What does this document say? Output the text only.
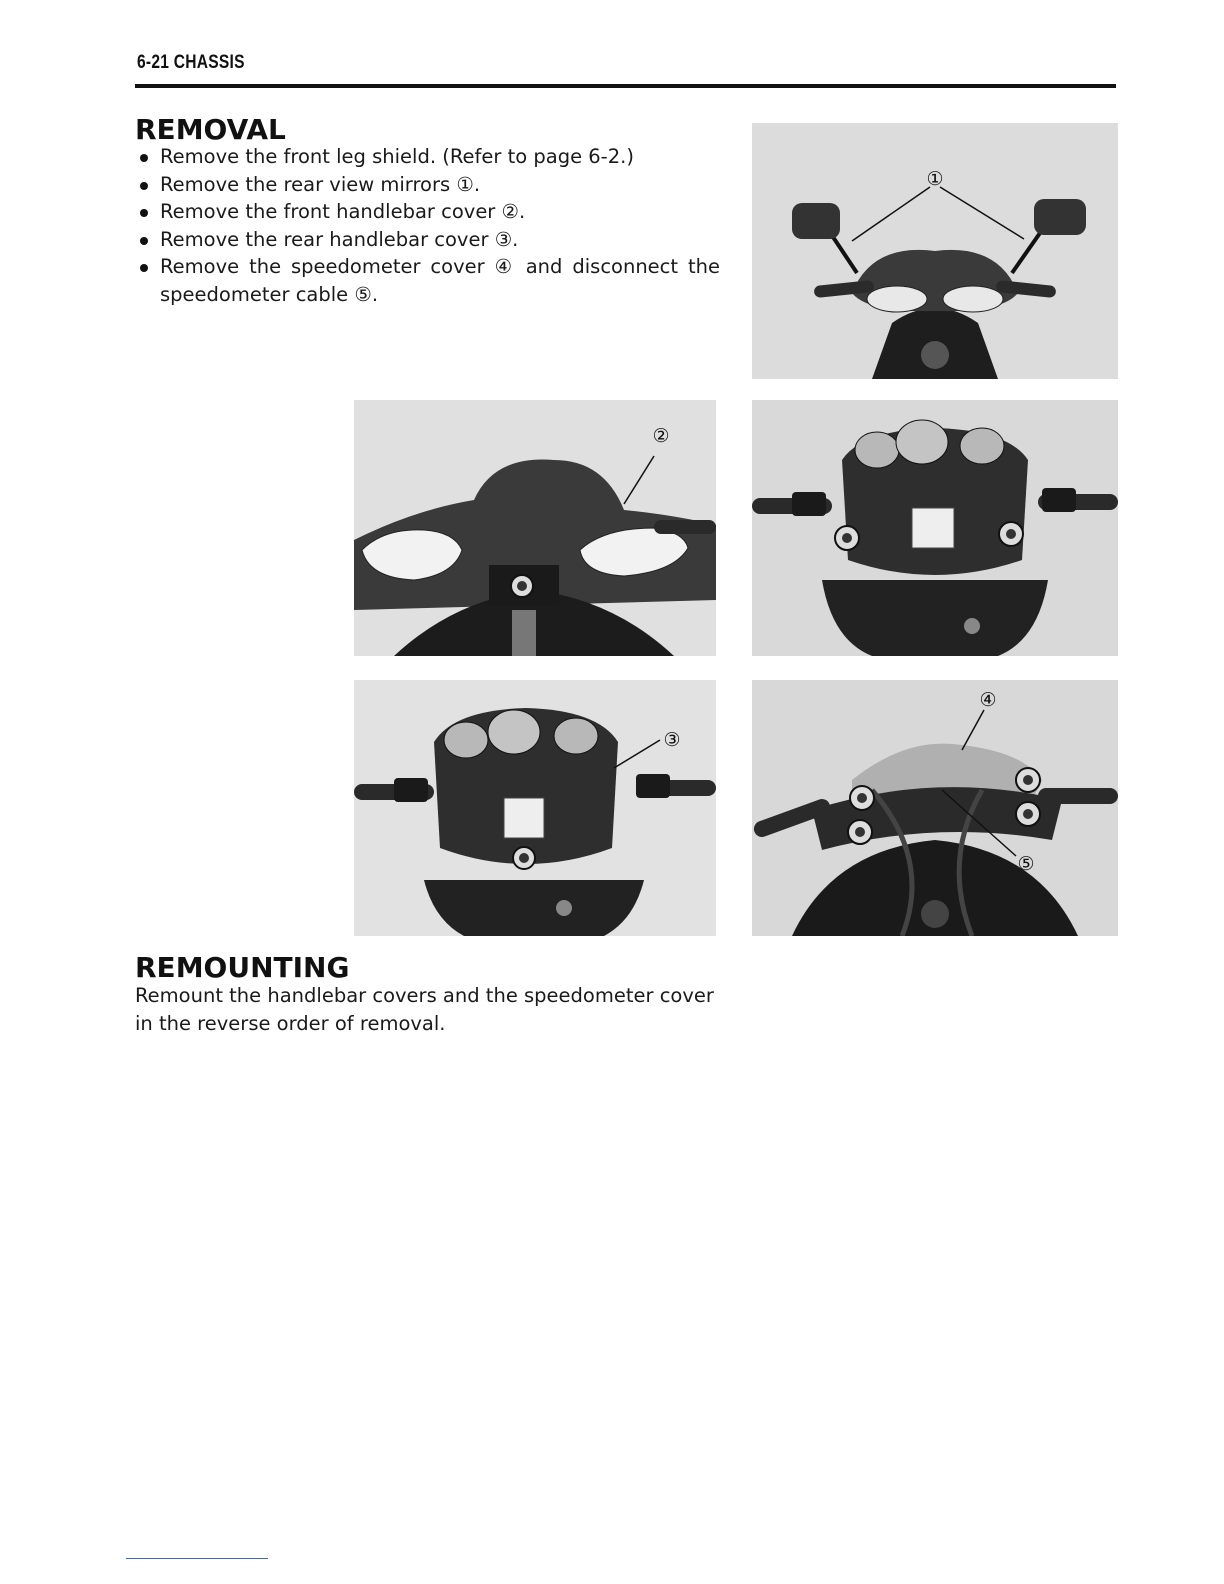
6-21 CHASSIS
REMOVAL
Remove the front leg shield. (Refer to page 6-2.)
Remove the rear view mirrors ①.
Remove the front handlebar cover ②.
Remove the rear handlebar cover ③.
Remove the speedometer cover ④ and disconnect the speedometer cable ⑤.
①
②
③
④
⑤
REMOUNTING
Remount the handlebar covers and the speedometer cover in the reverse order of removal.
